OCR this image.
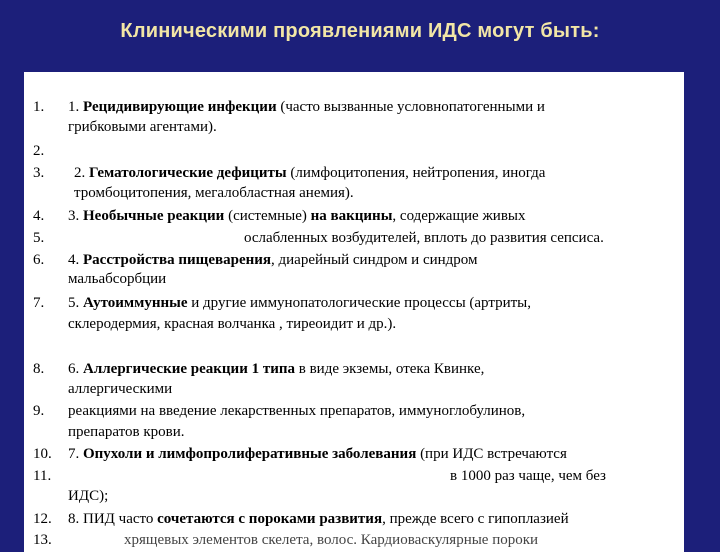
Клиническими проявлениями ИДС могут быть:
1. 1. Рецидивирующие инфекции (часто вызванные условнопатогенными и
грибковыми агентами).
2.
3. 2. Гематологические дефициты (лимфоцитопения, нейтропения, иногда
тромбоцитопения, мегалобластная анемия).
4. 3. Необычные реакции (системные) на вакцины, содержащие живых
5.	ослабленных возбудителей, вплоть до развития сепсиса.
6. 4. Расстройства пищеварения, диарейный синдром и синдром
мальабсорбции
7. 5. Аутоиммунные и другие иммунопатологические процессы (артриты,
склеродермия, красная волчанка , тиреоидит и др.).
8. 6. Аллергические реакции 1 типа в виде экземы, отека Квинке,
аллергическими
9. реакциями на введение лекарственных препаратов, иммуноглобулинов,
препаратов крови.
10. 7. Опухоли и лимфопролиферативные заболевания (при ИДС встречаются
11.	в 1000 раз чаще, чем без
ИДС);
12. 8. ПИД часто сочетаются с пороками развития, прежде всего с гипоплазией
13.	хрящевых элементов скелета, волос. Кардиоваскулярные пороки
